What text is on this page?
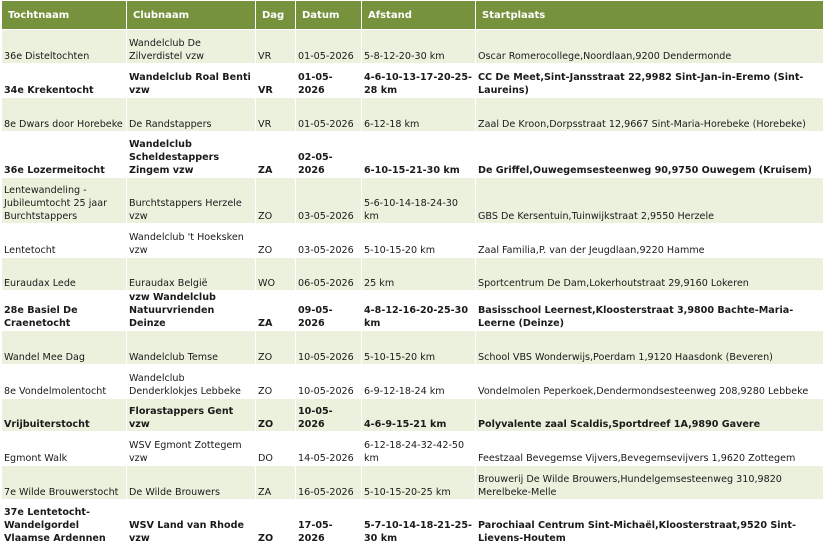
Tochtnaam	Clubnaam	Dag	Datum	Afstand	Startplaats
36e Disteltochten	Wandelclub De Zilverdistel vzw	VR	01-05-2026	5-8-12-20-30 km	Oscar Romerocollege,Noordlaan,9200 Dendermonde
34e Krekentocht	Wandelclub Roal Benti vzw	VR	01-05-2026	4-6-10-13-17-20-25-28 km	CC De Meet,Sint-Jansstraat 22,9982 Sint-Jan-in-Eremo (Sint-Laureins)
8e Dwars door Horebeke	De Randstappers	VR	01-05-2026	6-12-18 km	Zaal De Kroon,Dorpsstraat 12,9667 Sint-Maria-Horebeke (Horebeke)
36e Lozermeitocht	Wandelclub Scheldestappers Zingem vzw	ZA	02-05-2026	6-10-15-21-30 km	De Griffel,Ouwegemsesteenweg 90,9750 Ouwegem (Kruisem)
Lentewandeling - Jubileumtocht 25 jaar Burchtstappers	Burchtstappers Herzele vzw	ZO	03-05-2026	5-6-10-14-18-24-30 km	GBS De Kersentuin,Tuinwijkstraat 2,9550 Herzele
Lentetocht	Wandelclub 't Hoeksken vzw	ZO	03-05-2026	5-10-15-20 km	Zaal Familia,P. van der Jeugdlaan,9220 Hamme
Euraudax Lede	Euraudax België	WO	06-05-2026	25 km	Sportcentrum De Dam,Lokerhoutstraat 29,9160 Lokeren
28e Basiel De Craenetocht	vzw Wandelclub Natuurvrienden Deinze	ZA	09-05-2026	4-8-12-16-20-25-30 km	Basisschool Leernest,Kloosterstraat 3,9800 Bachte-Maria-Leerne (Deinze)
Wandel Mee Dag	Wandelclub Temse	ZO	10-05-2026	5-10-15-20 km	School VBS Wonderwijs,Poerdam 1,9120 Haasdonk (Beveren)
8e Vondelmolentocht	Wandelclub Denderklokjes Lebbeke	ZO	10-05-2026	6-9-12-18-24 km	Vondelmolen Peperkoek,Dendermondsesteenweg 208,9280 Lebbeke
Vrijbuiterstocht	Florastappers Gent vzw	ZO	10-05-2026	4-6-9-15-21 km	Polyvalente zaal Scaldis,Sportdreef 1A,9890 Gavere
Egmont Walk	WSV Egmont Zottegem vzw	DO	14-05-2026	6-12-18-24-32-42-50 km	Feestzaal Bevegemse Vijvers,Bevegemsevijvers 1,9620 Zottegem
7e Wilde Brouwerstocht	De Wilde Brouwers	ZA	16-05-2026	5-10-15-20-25 km	Brouwerij De Wilde Brouwers,Hundelgemsesteenweg 310,9820 Merelbeke-Melle
37e Lentetocht-Wandelgordel Vlaamse Ardennen	WSV Land van Rhode vzw	ZO	17-05-2026	5-7-10-14-18-21-25-30 km	Parochiaal Centrum Sint-Michaël,Kloosterstraat,9520 Sint-Lievens-Houtem
